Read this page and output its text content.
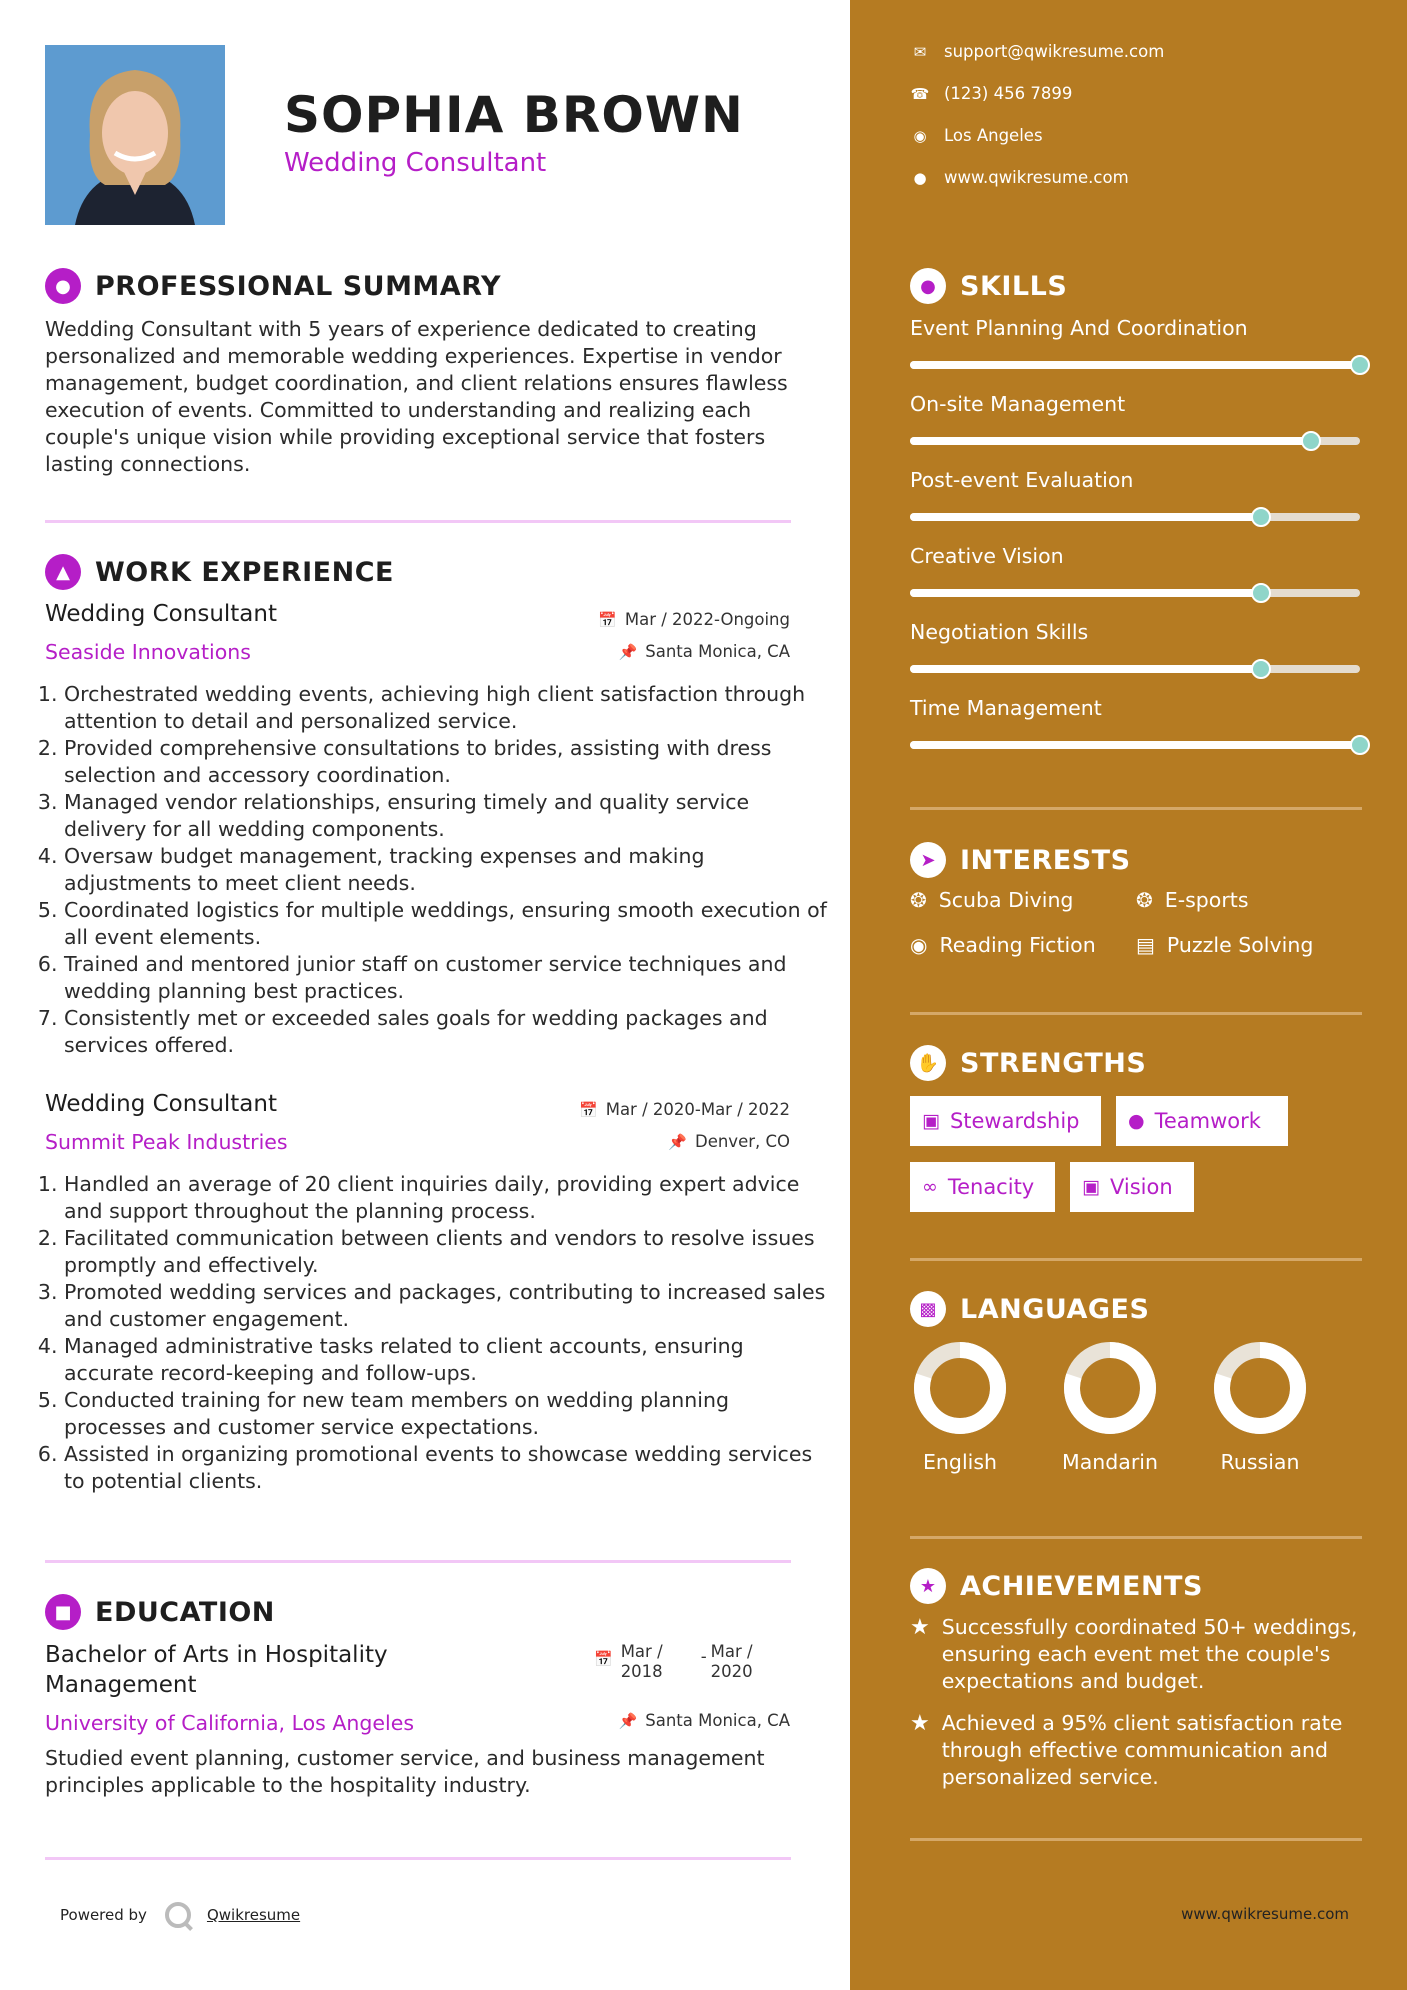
SOPHIA BROWN
Wedding Consultant
● PROFESSIONAL SUMMARY
Wedding Consultant with 5 years of experience dedicated to creating personalized and memorable wedding experiences. Expertise in vendor management, budget coordination, and client relations ensures flawless execution of events. Committed to understanding and realizing each couple's unique vision while providing exceptional service that fosters lasting connections.
▲ WORK EXPERIENCE
Wedding Consultant	📅 Mar / 2022-Ongoing
Seaside Innovations	📌 Santa Monica, CA
1. Orchestrated wedding events, achieving high client satisfaction through attention to detail and personalized service.
2. Provided comprehensive consultations to brides, assisting with dress selection and accessory coordination.
3. Managed vendor relationships, ensuring timely and quality service delivery for all wedding components.
4. Oversaw budget management, tracking expenses and making adjustments to meet client needs.
5. Coordinated logistics for multiple weddings, ensuring smooth execution of all event elements.
6. Trained and mentored junior staff on customer service techniques and wedding planning best practices.
7. Consistently met or exceeded sales goals for wedding packages and services offered.
Wedding Consultant	📅 Mar / 2020-Mar / 2022
Summit Peak Industries	📌 Denver, CO
1. Handled an average of 20 client inquiries daily, providing expert advice and support throughout the planning process.
2. Facilitated communication between clients and vendors to resolve issues promptly and effectively.
3. Promoted wedding services and packages, contributing to increased sales and customer engagement.
4. Managed administrative tasks related to client accounts, ensuring accurate record-keeping and follow-ups.
5. Conducted training for new team members on wedding planning processes and customer service expectations.
6. Assisted in organizing promotional events to showcase wedding services to potential clients.
■ EDUCATION
Bachelor of Arts in Hospitality Management
📅 Mar /
2018
- Mar /
2020
University of California, Los Angeles	📌 Santa Monica, CA
Studied event planning, customer service, and business management principles applicable to the hospitality industry.
Powered by	Qwikresume
✉ support@qwikresume.com
☎ (123) 456 7899
◉ Los Angeles
● www.qwikresume.com
● SKILLS
Event Planning And Coordination
On-site Management
Post-event Evaluation
Creative Vision
Negotiation Skills
Time Management
➤ INTERESTS
❂ Scuba Diving	❂ E-sports
◉ Reading Fiction ▤ Puzzle Solving
✋ STRENGTHS
▣ Stewardship	● Teamwork
∞ Tenacity	▣ Vision
▩ LANGUAGES
English	Mandarin	Russian
★ ACHIEVEMENTS
★ Successfully coordinated 50+ weddings, ensuring each event met the couple's expectations and budget.
★ Achieved a 95% client satisfaction rate through effective communication and personalized service.
www.qwikresume.com
